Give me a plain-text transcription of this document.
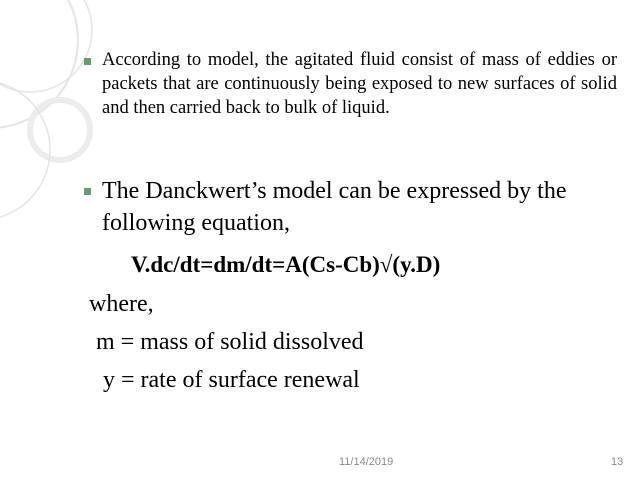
According to model, the agitated fluid consist of mass of eddies or packets that are continuously being exposed to new surfaces of solid and then carried back to bulk of liquid.
The Danckwert’s model can be expressed by the following equation,
V.dc/dt=dm/dt=A(Cs-Cb)√(y.D)
where,
m = mass of solid dissolved
y = rate of surface renewal
11/14/2019	13
